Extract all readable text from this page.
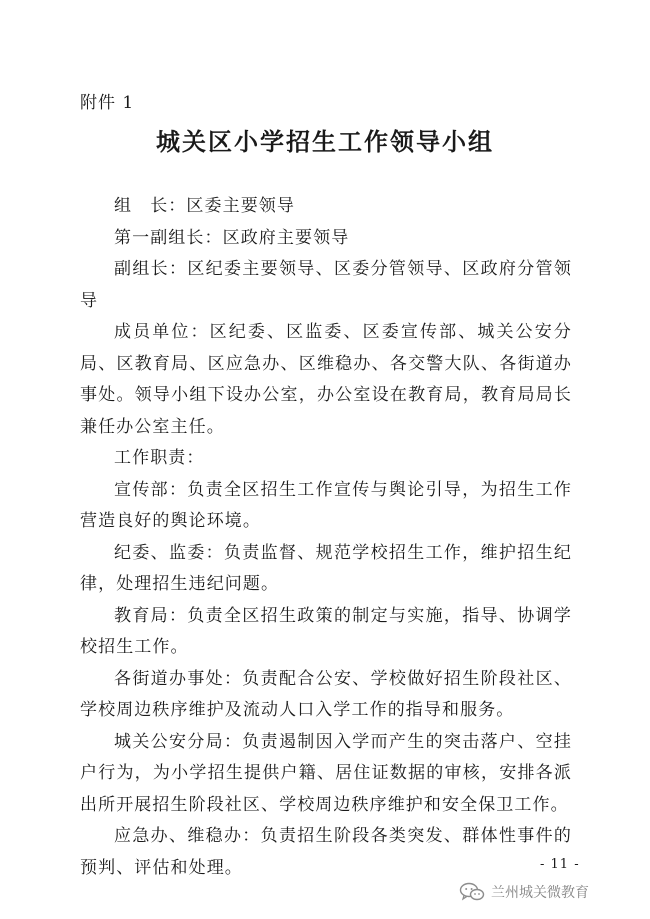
附件 1
城关区小学招生工作领导小组

组　长：区委主要领导

第一副组长：区政府主要领导

副组长：区纪委主要领导、区委分管领导、区政府分管领导

成员单位：区纪委、区监委、区委宣传部、城关公安分局、区教育局、区应急办、区维稳办、各交警大队、各街道办事处。领导小组下设办公室，办公室设在教育局，教育局局长兼任办公室主任。

工作职责：

宣传部：负责全区招生工作宣传与舆论引导，为招生工作营造良好的舆论环境。

纪委、监委：负责监督、规范学校招生工作，维护招生纪律，处理招生违纪问题。

教育局：负责全区招生政策的制定与实施，指导、协调学校招生工作。

各街道办事处：负责配合公安、学校做好招生阶段社区、学校周边秩序维护及流动人口入学工作的指导和服务。

城关公安分局：负责遏制因入学而产生的突击落户、空挂户行为，为小学招生提供户籍、居住证数据的审核，安排各派出所开展招生阶段社区、学校周边秩序维护和安全保卫工作。

应急办、维稳办：负责招生阶段各类突发、群体性事件的预判、评估和处理。	- 11 -
兰州城关微教育
